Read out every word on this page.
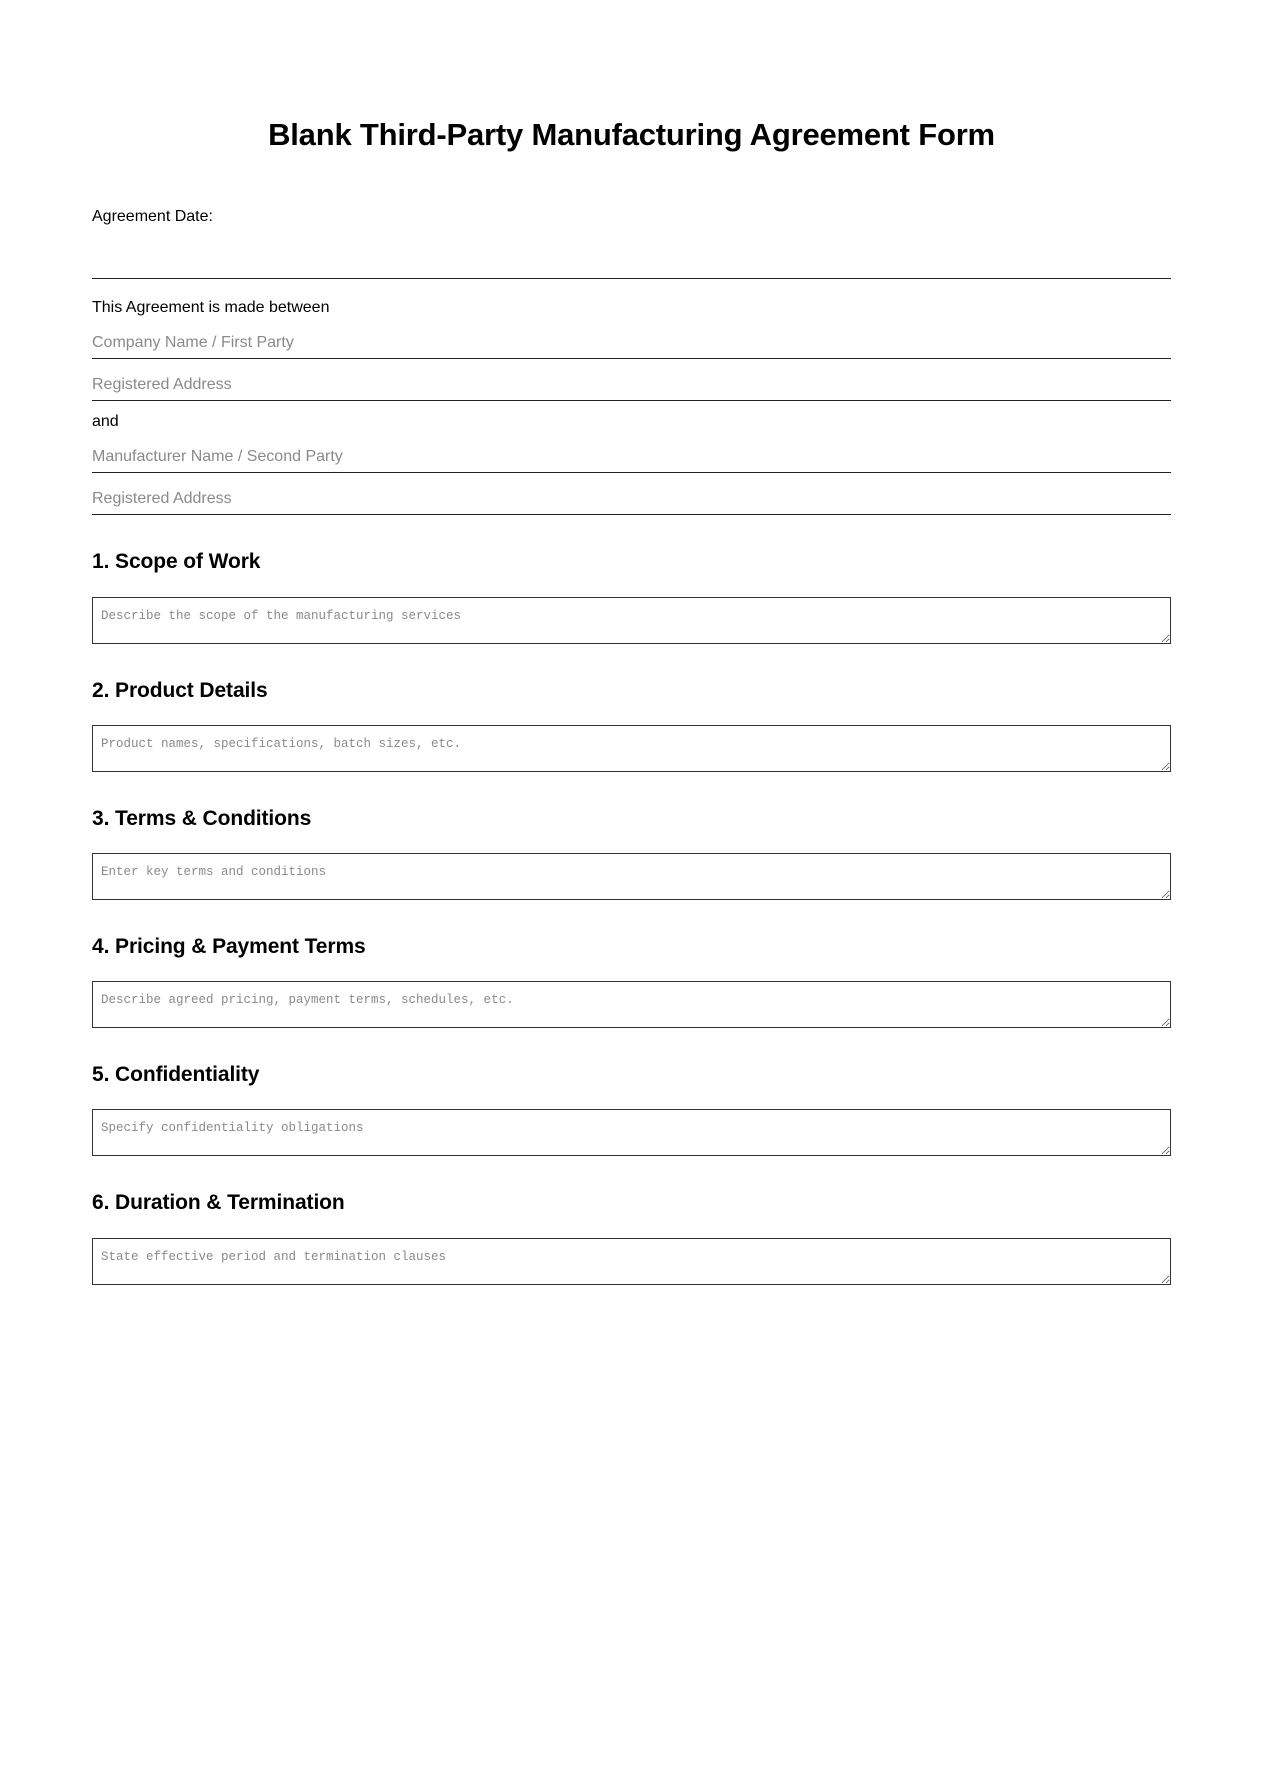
Blank Third-Party Manufacturing Agreement Form
Agreement Date:
This Agreement is made between
Company Name / First Party
Registered Address
and
Manufacturer Name / Second Party
Registered Address
1. Scope of Work
Describe the scope of the manufacturing services
2. Product Details
Product names, specifications, batch sizes, etc.
3. Terms & Conditions
Enter key terms and conditions
4. Pricing & Payment Terms
Describe agreed pricing, payment terms, schedules, etc.
5. Confidentiality
Specify confidentiality obligations
6. Duration & Termination
State effective period and termination clauses
